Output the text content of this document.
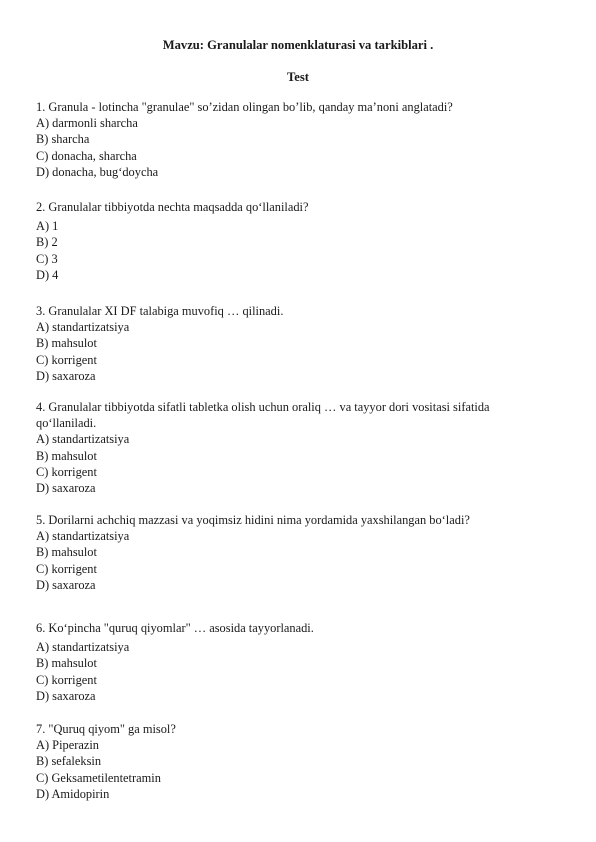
Mavzu: Granulalar nomenklaturasi va tarkiblari .
Test
1. Granula - lotincha "granulae" so’zidan olingan bo’lib, qanday ma’noni anglatadi?
A) darmonli sharcha
B) sharcha
C) donacha, sharcha
D) donacha, bug‘doycha
2. Granulalar tibbiyotda nechta maqsadda qo‘llaniladi?
A) 1
B) 2
C) 3
D) 4
3. Granulalar XI DF talabiga muvofiq … qilinadi.
A) standartizatsiya
B) mahsulot
C) korrigent
D) saxaroza
4. Granulalar tibbiyotda sifatli tabletka olish uchun oraliq … va tayyor dori vositasi sifatida
qo‘llaniladi.
A) standartizatsiya
B) mahsulot
C) korrigent
D) saxaroza
5. Dorilarni achchiq mazzasi va yoqimsiz hidini nima yordamida yaxshilangan bo‘ladi?
A) standartizatsiya
B) mahsulot
C) korrigent
D) saxaroza
6. Ko‘pincha "quruq qiyomlar" … asosida tayyorlanadi.
A) standartizatsiya
B) mahsulot
C) korrigent
D) saxaroza
7. "Quruq qiyom" ga misol?
A) Piperazin
B) sefaleksin
C) Geksametilentetramin
D) Amidopirin
